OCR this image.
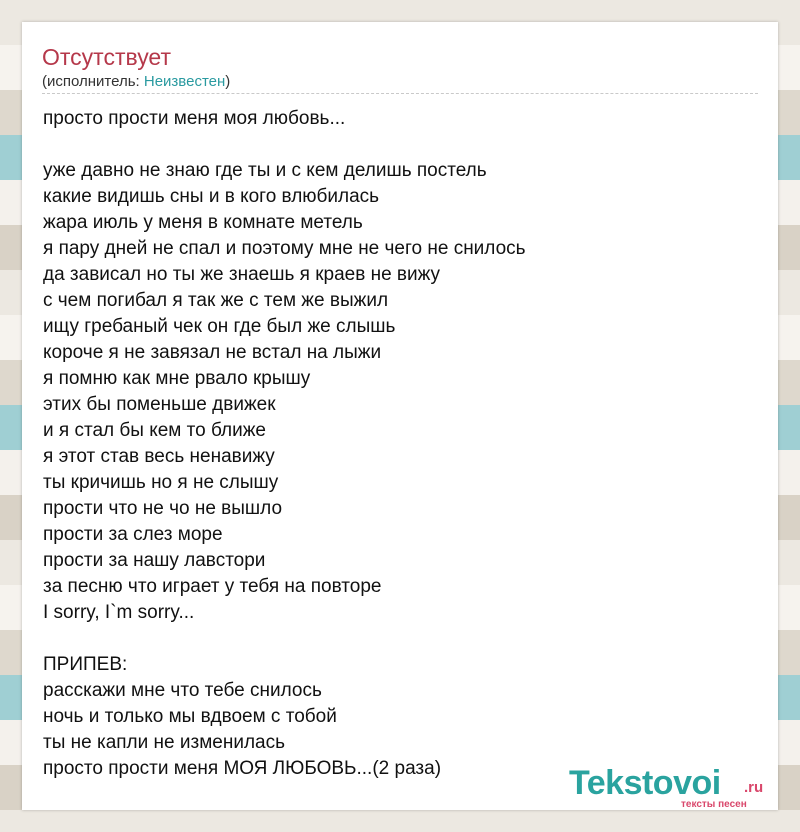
Отсутствует
(исполнитель: Неизвестен)
просто прости меня моя любовь...
уже давно не знаю где ты и с кем делишь постель
какие видишь сны и в кого влюбилась
жара июль у меня в комнате метель
я пару дней не спал и поэтому мне не чего не снилось
да зависал но ты же знаешь я краев не вижу
с чем погибал я так же с тем же выжил
ищу гребаный чек он где был же слышь
короче я не завязал не встал на лыжи
я помню как мне рвало крышу
этих бы поменьше движек
и я стал бы кем то ближе
я этот став весь ненавижу
ты кричишь но я не слышу
прости что не чо не вышло
прости за слез море
прости за нашу лавстори
за песню что играет у тебя на повторе
I sorry, I`m sorry...
ПРИПЕВ:
расскажи мне что тебе снилось
ночь и только мы вдвоем с тобой
ты не капли не изменилась
просто прости меня МОЯ ЛЮБОВЬ...(2 раза)	Tekstovoi .ru
тексты песен
